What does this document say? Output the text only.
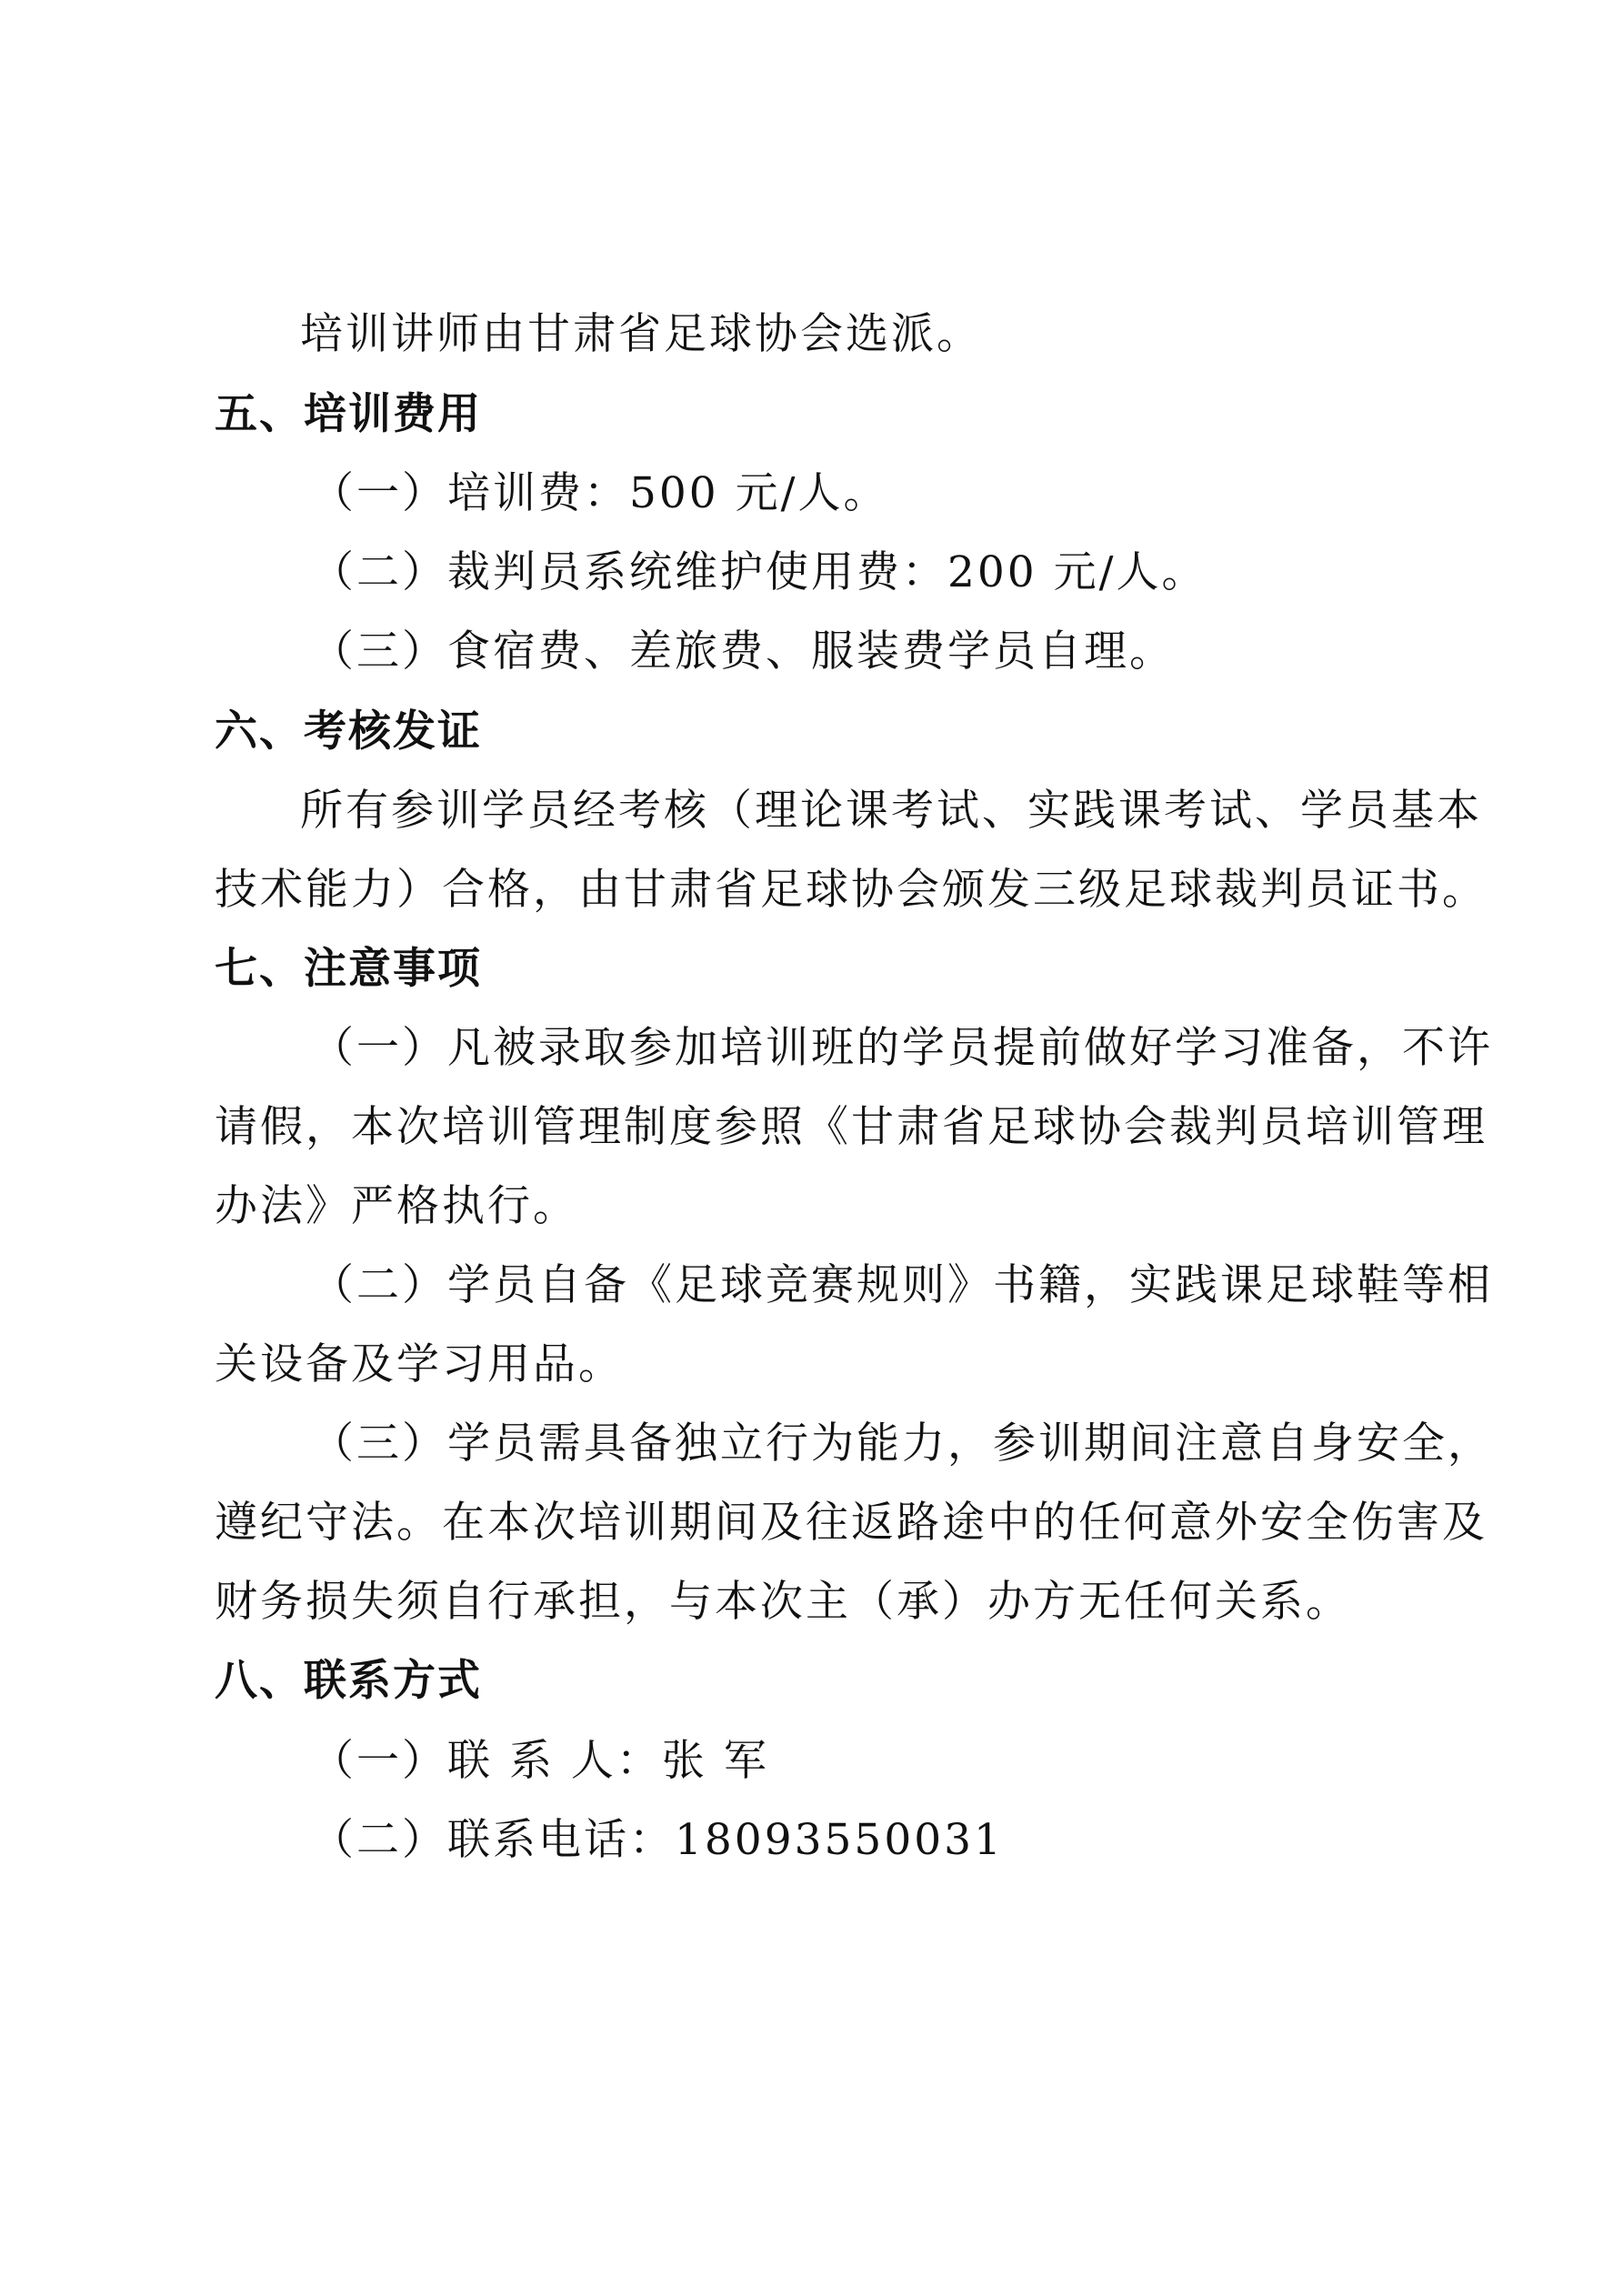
培训讲师由甘肃省足球协会选派。
五、培训费用
（一）培训费：500 元/人。
（二）裁判员系统维护使用费：200 元/人。
（三）食宿费、差旅费、服装费学员自理。
六、考核发证
所有参训学员经考核（理论课考试、实践课考试、学员基本
技术能力）合格，由甘肃省足球协会颁发三级足球裁判员证书。
七、注意事项
（一）凡被录取参加培训班的学员提前做好学习准备，不许
请假，本次培训管理制度参照《甘肃省足球协会裁判员培训管理
办法》严格执行。
（二）学员自备《足球竞赛规则》书籍，实践课足球鞋等相
关设备及学习用品。
（三）学员需具备独立行为能力，参训期间注意自身安全，
遵纪守法。在本次培训期间及往返路途中的任何意外安全伤害及
财务损失须自行承担，与本次主（承）办方无任何关系。
八、联系方式
（一）联 系 人：张 军
（二）联系电话：18093550031
